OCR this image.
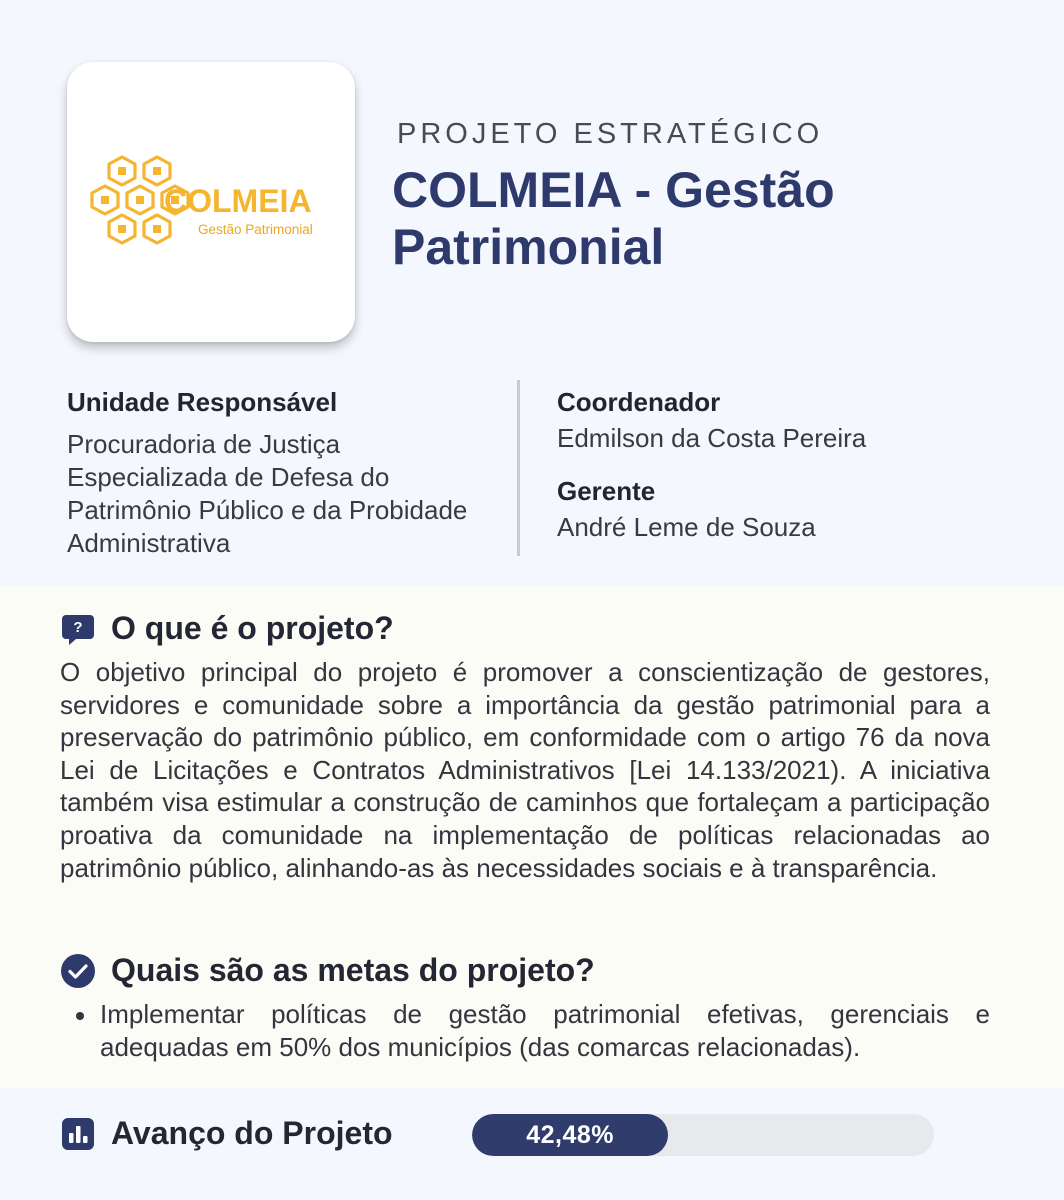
COLMEIA
Gestão Patrimonial
PROJETO ESTRATÉGICO
COLMEIA - Gestão Patrimonial
Unidade Responsável
Procuradoria de Justiça Especializada de Defesa do Patrimônio Público e da Probidade Administrativa
Coordenador
Edmilson da Costa Pereira
Gerente
André Leme de Souza
? O que é o projeto?
O objetivo principal do projeto é promover a conscientização de gestores, servidores e comunidade sobre a importância da gestão patrimonial para a preservação do patrimônio público, em conformidade com o artigo 76 da nova Lei de Licitações e Contratos Administrativos [Lei 14.133/2021). A iniciativa também visa estimular a construção de caminhos que fortaleçam a participação proativa da comunidade na implementação de políticas relacionadas ao patrimônio público, alinhando-as às necessidades sociais e à transparência.
Quais são as metas do projeto?
Implementar políticas de gestão patrimonial efetivas, gerenciais e adequadas em 50% dos municípios (das comarcas relacionadas).
Avanço do Projeto	42,48%
